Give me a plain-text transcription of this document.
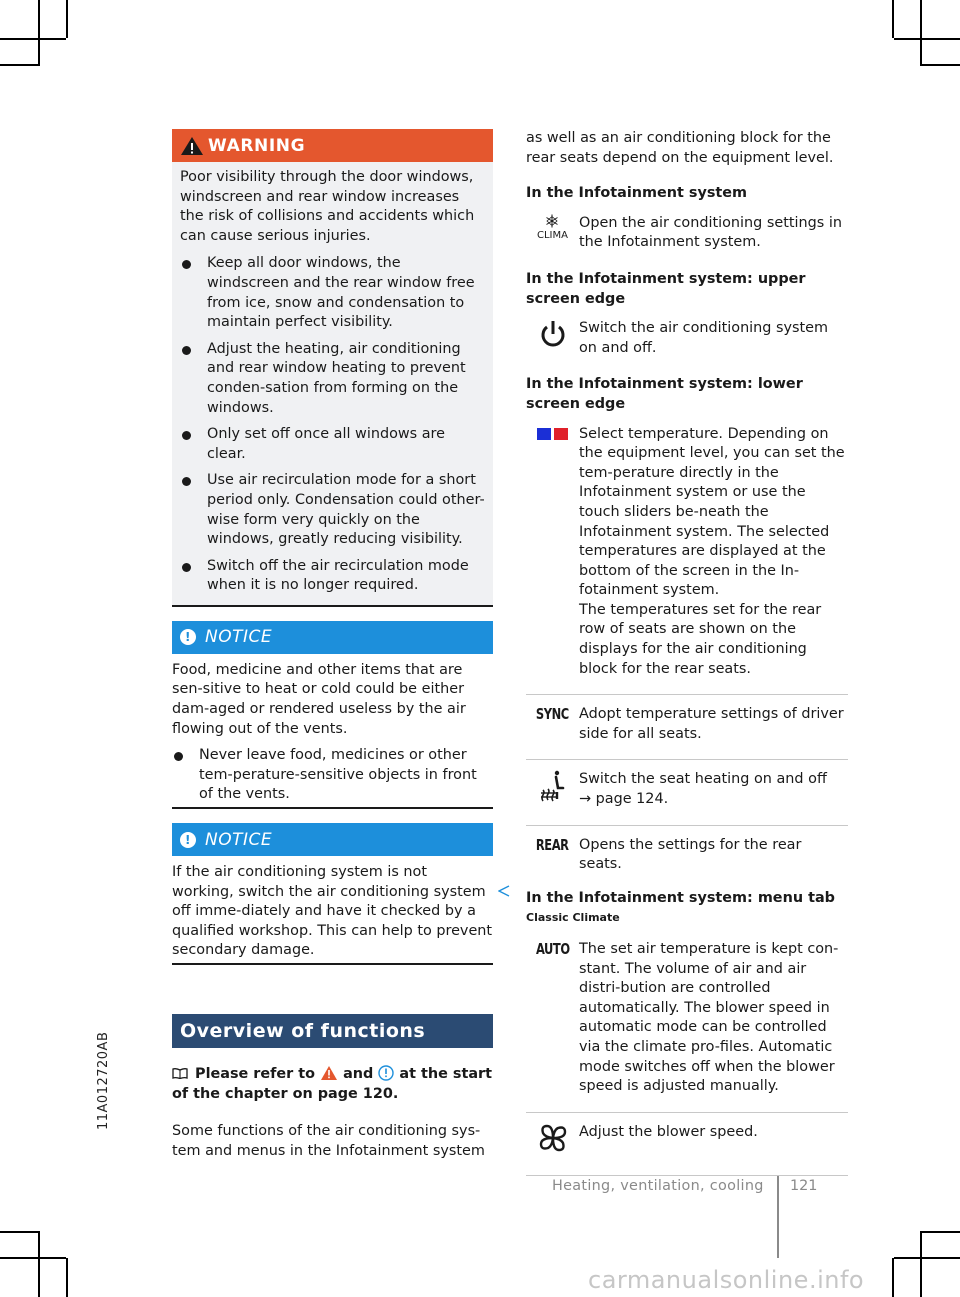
11A012720AB
WARNING

Poor visibility through the door windows, windscreen and rear window increases the risk of collisions and accidents which can cause serious injuries.

Keep all door windows, the windscreen and the rear window free from ice, snow and condensation to maintain perfect visibility.
Adjust the heating, air conditioning and rear window heating to prevent conden-sation from forming on the windows.
Only set off once all windows are clear.
Use air recirculation mode for a short period only. Condensation could other-wise form very quickly on the windows, greatly reducing visibility.
Switch off the air recirculation mode when it is no longer required.
! NOTICE

Food, medicine and other items that are sen-sitive to heat or cold could be either dam-aged or rendered useless by the air flowing out of the vents.

Never leave food, medicines or other tem-perature-sensitive objects in front of the vents.
! NOTICE

If the air conditioning system is not working, switch the air conditioning system off imme-diately and have it checked by a qualified workshop. This can help to prevent secondary damage.

Overview of functions

Please refer to and at the start of the chapter on page 120.

Some functions of the air conditioning sys-tem and menus in the Infotainment system

as well as an air conditioning block for the rear seats depend on the equipment level.

In the Infotainment system

CLIMA

Open the air conditioning settings in the Infotainment system.

In the Infotainment system: upper screen edge

Switch the air conditioning system on and off.

In the Infotainment system: lower screen edge

Select temperature. Depending on the equipment level, you can set the tem-perature directly in the Infotainment system or use the touch sliders be-neath the Infotainment system. The selected temperatures are displayed at the bottom of the screen in the In-fotainment system.

The temperatures set for the rear row of seats are shown on the displays for the air conditioning block for the rear seats.

SYNC Adopt temperature settings of driver side for all seats.

Switch the seat heating on and off

→ page 124.

REAR Opens the settings for the rear seats.

In the Infotainment system: menu tab Classic Climate

AUTO The set air temperature is kept con-stant. The volume of air and air distri-bution are controlled automatically. The blower speed in automatic mode can be controlled via the climate pro-files. Automatic mode switches off when the blower speed is adjusted manually.

Adjust the blower speed.

Heating, ventilation, cooling 121
carmanualsonline.info
